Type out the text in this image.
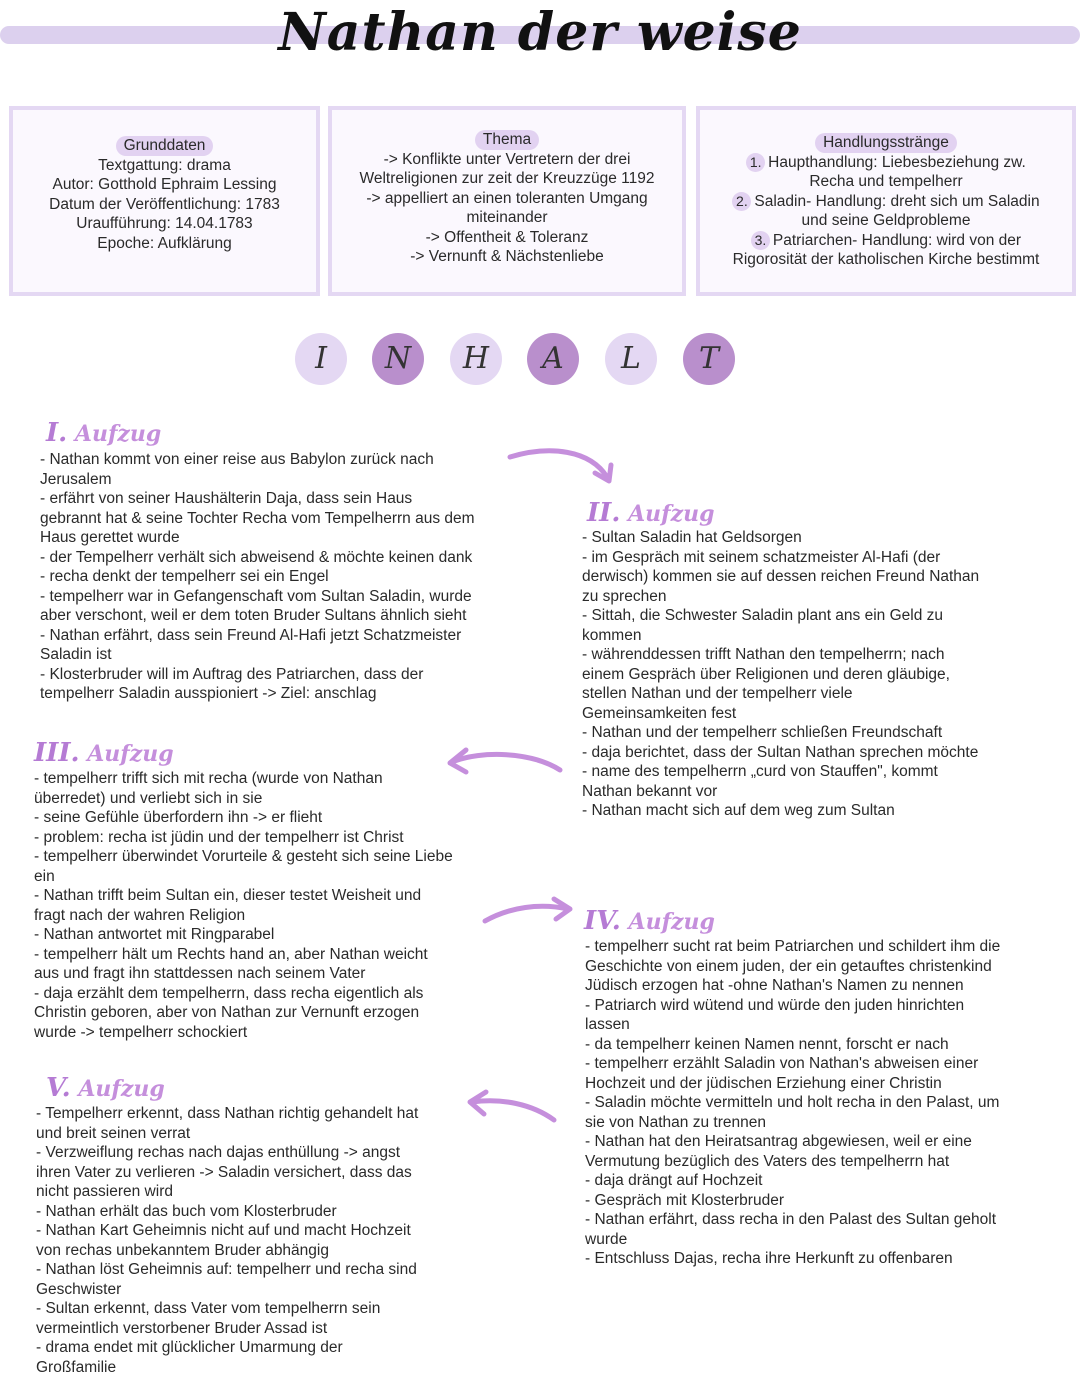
Nathan der weise
Grunddaten
Textgattung: drama
Autor: Gotthold Ephraim Lessing
Datum der Veröffentlichung: 1783
Uraufführung: 14.04.1783
Epoche: Aufklärung
Thema
-> Konflikte unter Vertretern der drei
Weltreligionen zur zeit der Kreuzzüge 1192
-> appelliert an einen toleranten Umgang
miteinander
-> Offentheit & Toleranz
-> Vernunft & Nächstenliebe
Handlungsstränge
1. Haupthandlung: Liebesbeziehung zw.
Recha und tempelherr
2. Saladin- Handlung: dreht sich um Saladin
und seine Geldprobleme
3. Patriarchen- Handlung: wird von der
Rigorosität der katholischen Kirche bestimmt
I	N	H	A	L	T
I. Aufzug

- Nathan kommt von einer reise aus Babylon zurück nach

Jerusalem

- erfährt von seiner Haushälterin Daja, dass sein Haus

gebrannt hat & seine Tochter Recha vom Tempelherrn aus dem

Haus gerettet wurde

- der Tempelherr verhält sich abweisend & möchte keinen dank

- recha denkt der tempelherr sei ein Engel

- tempelherr war in Gefangenschaft vom Sultan Saladin, wurde

aber verschont, weil er dem toten Bruder Sultans ähnlich sieht

- Nathan erfährt, dass sein Freund Al-Hafi jetzt Schatzmeister

Saladin ist

- Klosterbruder will im Auftrag des Patriarchen, dass der

tempelherr Saladin ausspioniert -> Ziel: anschlag

II. Aufzug

- Sultan Saladin hat Geldsorgen

- im Gespräch mit seinem schatzmeister Al-Hafi (der

derwisch) kommen sie auf dessen reichen Freund Nathan

zu sprechen

- Sittah, die Schwester Saladin plant ans ein Geld zu

kommen

- währenddessen trifft Nathan den tempelherrn; nach

einem Gespräch über Religionen und deren gläubige,

stellen Nathan und der tempelherr viele

Gemeinsamkeiten fest

- Nathan und der tempelherr schließen Freundschaft

- daja berichtet, dass der Sultan Nathan sprechen möchte

- name des tempelherrn „curd von Stauffen", kommt

Nathan bekannt vor

- Nathan macht sich auf dem weg zum Sultan

III. Aufzug

- tempelherr trifft sich mit recha (wurde von Nathan

überredet) und verliebt sich in sie

- seine Gefühle überfordern ihn -> er flieht

- problem: recha ist jüdin und der tempelherr ist Christ

- tempelherr überwindet Vorurteile & gesteht sich seine Liebe

ein

- Nathan trifft beim Sultan ein, dieser testet Weisheit und

fragt nach der wahren Religion

- Nathan antwortet mit Ringparabel

- tempelherr hält um Rechts hand an, aber Nathan weicht

aus und fragt ihn stattdessen nach seinem Vater

- daja erzählt dem tempelherrn, dass recha eigentlich als

Christin geboren, aber von Nathan zur Vernunft erzogen

wurde -> tempelherr schockiert

IV. Aufzug

- tempelherr sucht rat beim Patriarchen und schildert ihm die

Geschichte von einem juden, der ein getauftes christenkind

Jüdisch erzogen hat -ohne Nathan's Namen zu nennen

- Patriarch wird wütend und würde den juden hinrichten

lassen

- da tempelherr keinen Namen nennt, forscht er nach

- tempelherr erzählt Saladin von Nathan's abweisen einer

Hochzeit und der jüdischen Erziehung einer Christin

- Saladin möchte vermitteln und holt recha in den Palast, um

sie von Nathan zu trennen

- Nathan hat den Heiratsantrag abgewiesen, weil er eine

Vermutung bezüglich des Vaters des tempelherrn hat

- daja drängt auf Hochzeit

- Gespräch mit Klosterbruder

- Nathan erfährt, dass recha in den Palast des Sultan geholt

wurde

- Entschluss Dajas, recha ihre Herkunft zu offenbaren

V. Aufzug

- Tempelherr erkennt, dass Nathan richtig gehandelt hat

und breit seinen verrat

- Verzweiflung rechas nach dajas enthüllung -> angst

ihren Vater zu verlieren -> Saladin versichert, dass das

nicht passieren wird

- Nathan erhält das buch vom Klosterbruder

- Nathan Kart Geheimnis nicht auf und macht Hochzeit

von rechas unbekanntem Bruder abhängig

- Nathan löst Geheimnis auf: tempelherr und recha sind

Geschwister

- Sultan erkennt, dass Vater vom tempelherrn sein

vermeintlich verstorbener Bruder Assad ist

- drama endet mit glücklicher Umarmung der

Großfamilie
